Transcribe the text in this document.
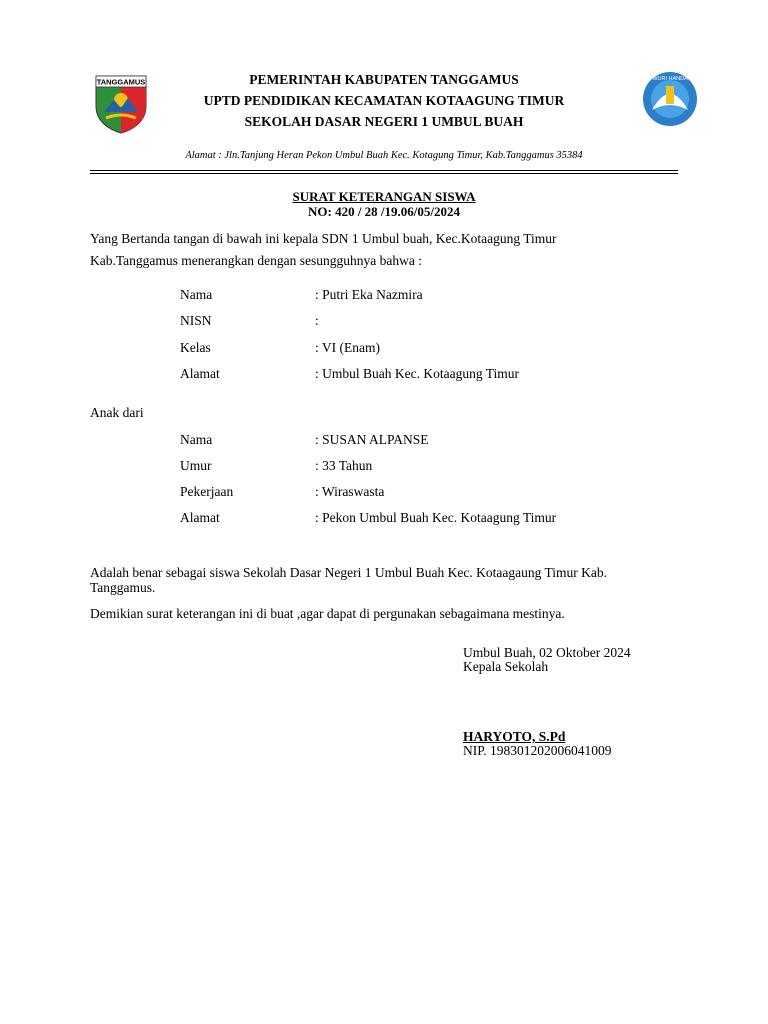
TANGGAMUS	TUT WURI HANDAYANI
PEMERINTAH KABUPATEN TANGGAMUS
UPTD PENDIDIKAN KECAMATAN KOTAAGUNG TIMUR
SEKOLAH DASAR NEGERI 1 UMBUL BUAH
Alamat : Jln.Tanjung Heran Pekon Umbul Buah Kec. Kotagung Timur, Kab.Tanggamus 35384
SURAT KETERANGAN SISWA
NO: 420 / 28 /19.06/05/2024
Yang Bertanda tangan di bawah ini kepala SDN 1 Umbul buah, Kec.Kotaagung Timur
Kab.Tanggamus menerangkan dengan sesungguhnya bahwa :
Nama	: Putri Eka Nazmira
NISN	:
Kelas	: VI (Enam)
Alamat	: Umbul Buah Kec. Kotaagung Timur
Anak dari
Nama	: SUSAN ALPANSE
Umur	: 33 Tahun
Pekerjaan	: Wiraswasta
Alamat	: Pekon Umbul Buah Kec. Kotaagung Timur
Adalah benar sebagai siswa Sekolah Dasar Negeri 1 Umbul Buah Kec. Kotaagaung Timur Kab.
Tanggamus.
Demikian surat keterangan ini di buat ,agar dapat di pergunakan sebagaimana mestinya.
Umbul Buah, 02 Oktober 2024
Kepala Sekolah
HARYOTO, S.Pd
NIP. 198301202006041009
